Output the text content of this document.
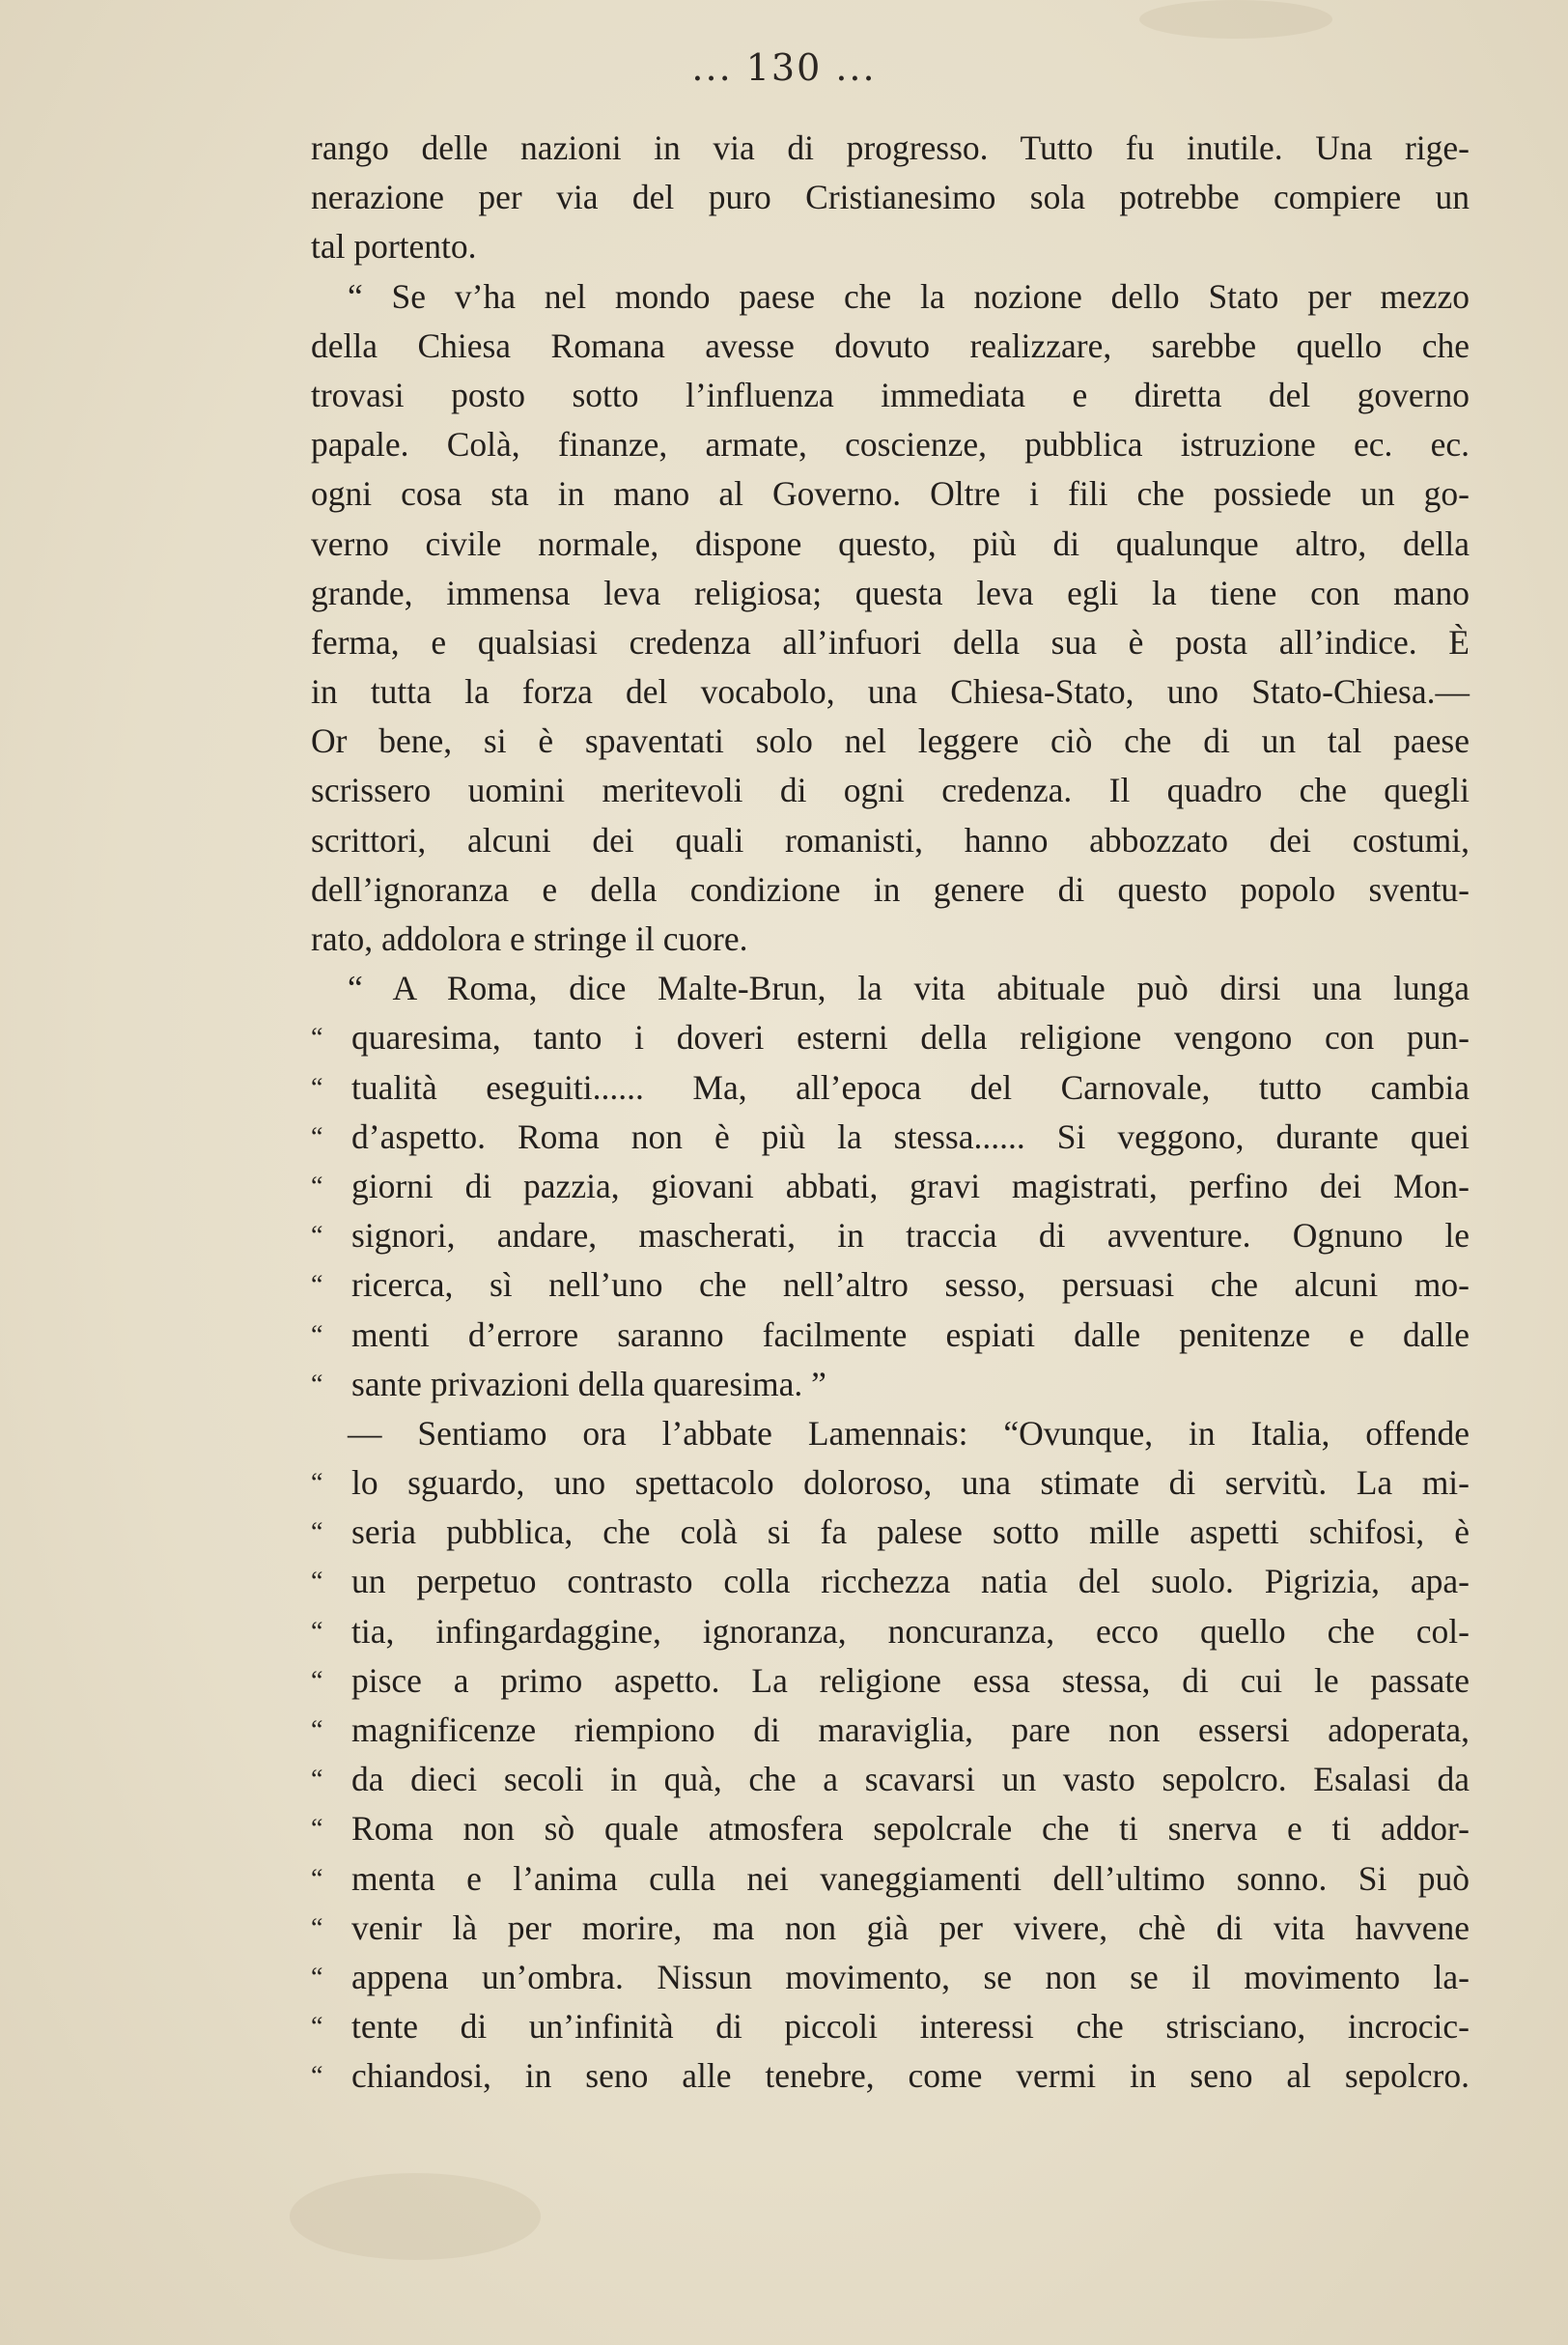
... 130 ...
rango delle nazioni in via di progresso. Tutto fu inutile. Una rige-
nerazione per via del puro Cristianesimo sola potrebbe compiere un
tal portento.
“ Se v’ha nel mondo paese che la nozione dello Stato per mezzo
della Chiesa Romana avesse dovuto realizzare, sarebbe quello che
trovasi posto sotto l’influenza immediata e diretta del governo
papale. Colà, finanze, armate, coscienze, pubblica istruzione ec. ec.
ogni cosa sta in mano al Governo. Oltre i fili che possiede un go-
verno civile normale, dispone questo, più di qualunque altro, della
grande, immensa leva religiosa; questa leva egli la tiene con mano
ferma, e qualsiasi credenza all’infuori della sua è posta all’indice. È
in tutta la forza del vocabolo, una Chiesa-Stato, uno Stato-Chiesa.—
Or bene, si è spaventati solo nel leggere ciò che di un tal paese
scrissero uomini meritevoli di ogni credenza. Il quadro che quegli
scrittori, alcuni dei quali romanisti, hanno abbozzato dei costumi,
dell’ignoranza e della condizione in genere di questo popolo sventu-
rato, addolora e stringe il cuore.
“ A Roma, dice Malte-Brun, la vita abituale può dirsi una lunga
“ quaresima, tanto i doveri esterni della religione vengono con pun-
“ tualità eseguiti...... Ma, all’epoca del Carnovale, tutto cambia
“ d’aspetto. Roma non è più la stessa...... Si veggono, durante quei
“ giorni di pazzia, giovani abbati, gravi magistrati, perfino dei Mon-
“ signori, andare, mascherati, in traccia di avventure. Ognuno le
“ ricerca, sì nell’uno che nell’altro sesso, persuasi che alcuni mo-
“ menti d’errore saranno facilmente espiati dalle penitenze e dalle
“ sante privazioni della quaresima. ”
— Sentiamo ora l’abbate Lamennais: “Ovunque, in Italia, offende
“ lo sguardo, uno spettacolo doloroso, una stimate di servitù. La mi-
“ seria pubblica, che colà si fa palese sotto mille aspetti schifosi, è
“ un perpetuo contrasto colla ricchezza natia del suolo. Pigrizia, apa-
“ tia, infingardaggine, ignoranza, noncuranza, ecco quello che col-
“ pisce a primo aspetto. La religione essa stessa, di cui le passate
“ magnificenze riempiono di maraviglia, pare non essersi adoperata,
“ da dieci secoli in quà, che a scavarsi un vasto sepolcro. Esalasi da
“ Roma non sò quale atmosfera sepolcrale che ti snerva e ti addor-
“ menta e l’anima culla nei vaneggiamenti dell’ultimo sonno. Si può
“ venir là per morire, ma non già per vivere, chè di vita havvene
“ appena un’ombra. Nissun movimento, se non se il movimento la-
“ tente di un’infinità di piccoli interessi che strisciano, incrocic-
“ chiandosi, in seno alle tenebre, come vermi in seno al sepolcro.
